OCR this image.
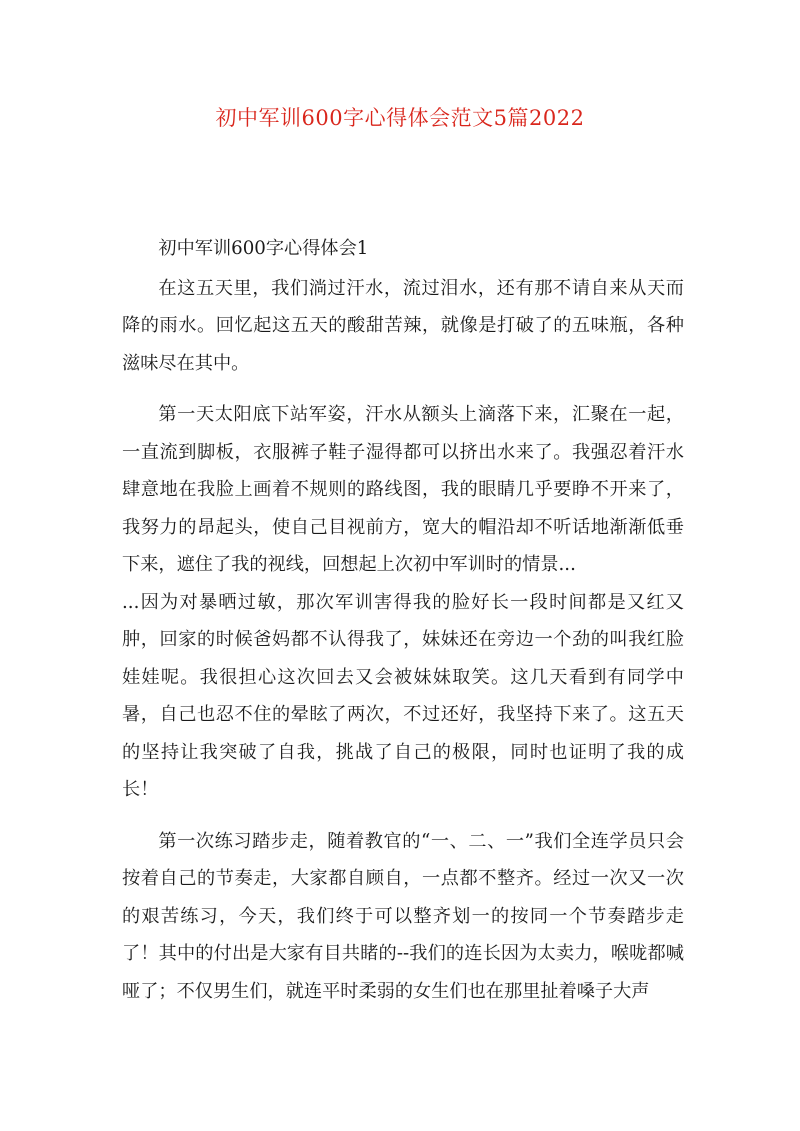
初中军训600字心得体会范文5篇2022

初中军训600字心得体会1

在这五天里，我们淌过汗水，流过泪水，还有那不请自来从天而降的雨水。回忆起这五天的酸甜苦辣，就像是打破了的五味瓶，各种滋味尽在其中。

第一天太阳底下站军姿，汗水从额头上滴落下来，汇聚在一起，一直流到脚板，衣服裤子鞋子湿得都可以挤出水来了。我强忍着汗水肆意地在我脸上画着不规则的路线图，我的眼睛几乎要睁不开来了，我努力的昂起头，使自己目视前方，宽大的帽沿却不听话地渐渐低垂下来，遮住了我的视线，回想起上次初中军训时的情景...

...因为对暴晒过敏，那次军训害得我的脸好长一段时间都是又红又肿，回家的时候爸妈都不认得我了，妹妹还在旁边一个劲的叫我红脸娃娃呢。我很担心这次回去又会被妹妹取笑。这几天看到有同学中暑，自己也忍不住的晕眩了两次，不过还好，我坚持下来了。这五天的坚持让我突破了自我，挑战了自己的极限，同时也证明了我的成长！

第一次练习踏步走，随着教官的“一、二、一”我们全连学员只会按着自己的节奏走，大家都自顾自，一点都不整齐。经过一次又一次的艰苦练习，今天，我们终于可以整齐划一的按同一个节奏踏步走了！其中的付出是大家有目共睹的--我们的连长因为太卖力，喉咙都喊哑了；不仅男生们，就连平时柔弱的女生们也在那里扯着嗓子大声
